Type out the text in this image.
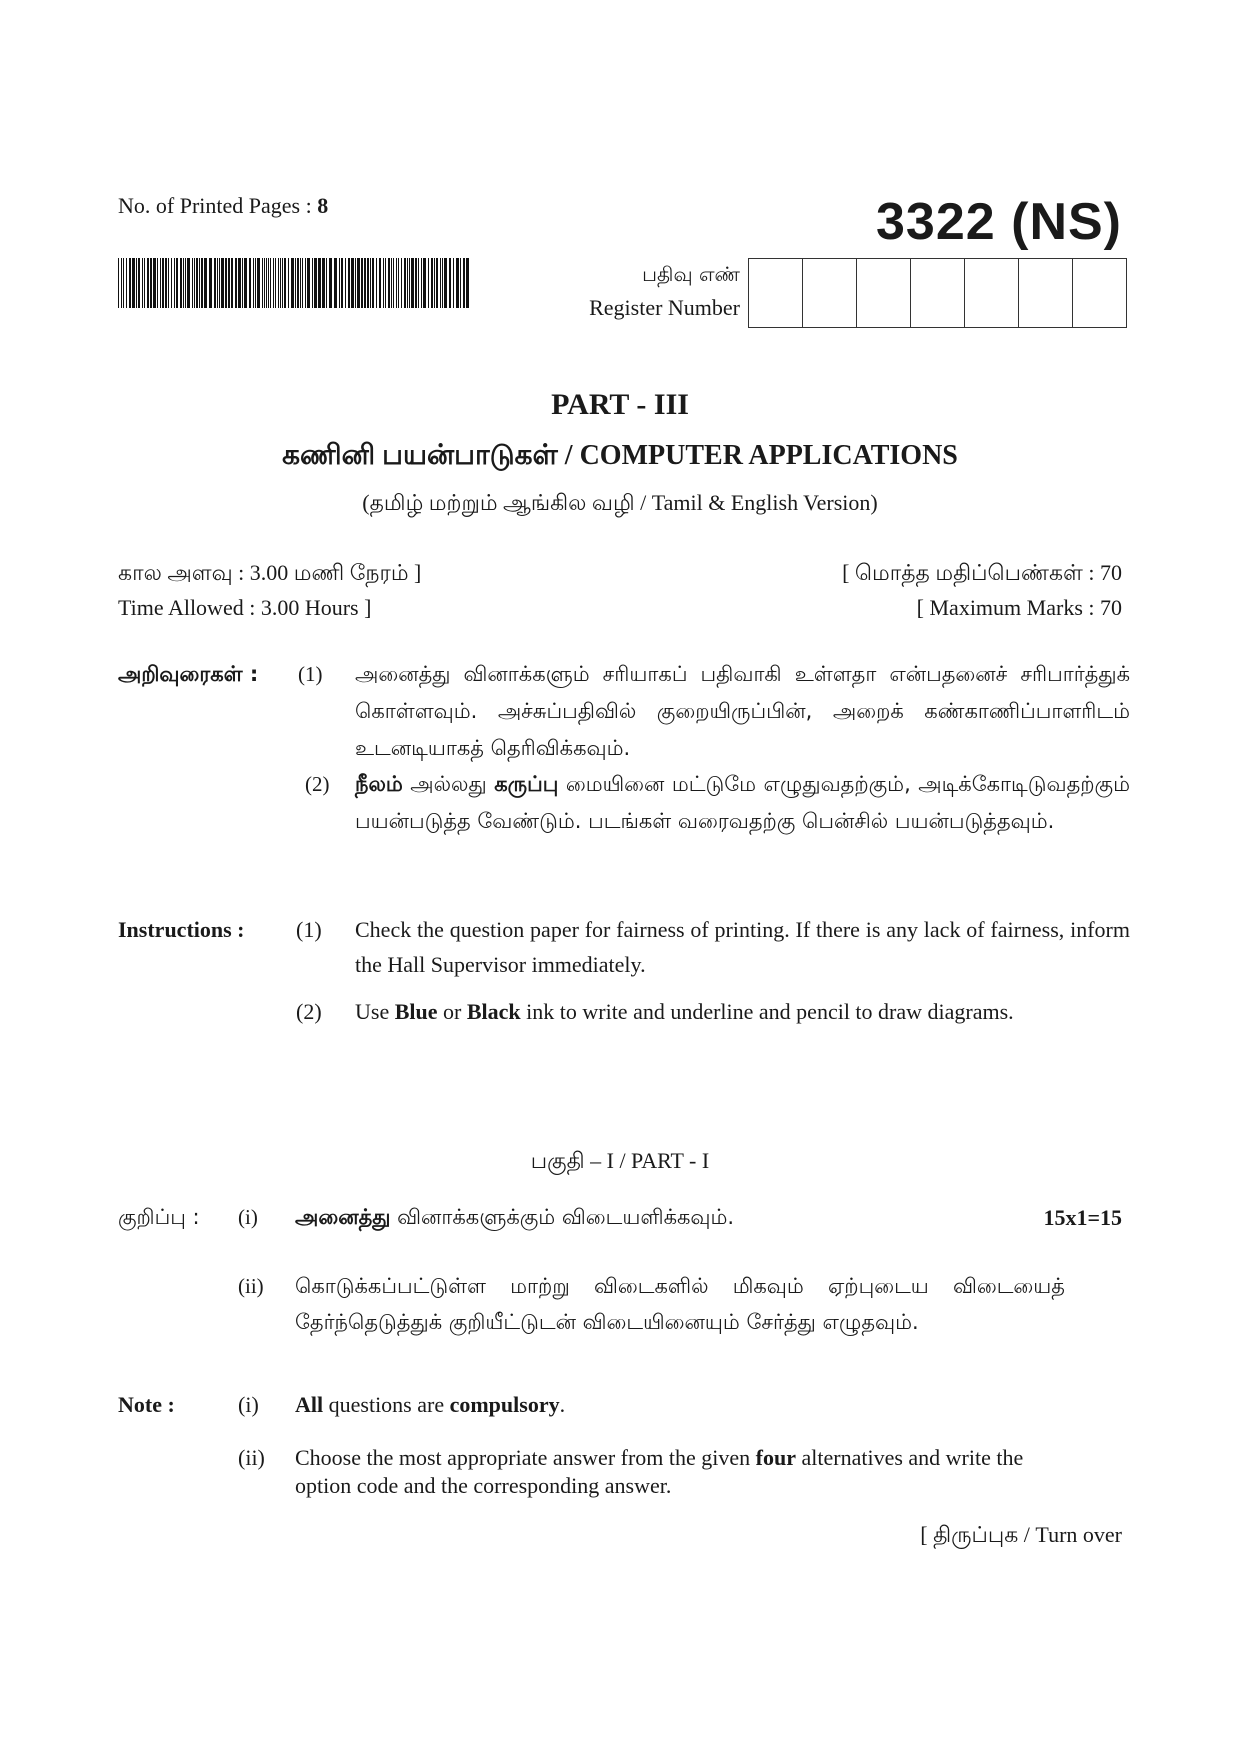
No. of Printed Pages : 8	3322 (NS)
பதிவு எண்
Register Number
PART - III
கணினி பயன்பாடுகள் / COMPUTER APPLICATIONS
(தமிழ் மற்றும் ஆங்கில வழி / Tamil & English Version)
கால அளவு : 3.00 மணி நேரம் ]
Time Allowed : 3.00 Hours ]
[ மொத்த மதிப்பெண்கள் : 70
[ Maximum Marks : 70
அறிவுரைகள் : (1) அனைத்து வினாக்களும் சரியாகப் பதிவாகி உள்ளதா என்பதனைச் சரிபார்த்துக் கொள்ளவும். அச்சுப்பதிவில் குறையிருப்பின், அறைக் கண்காணிப்பாளரிடம் உடனடியாகத் தெரிவிக்கவும்.
(2) நீலம் அல்லது கருப்பு மையினை மட்டுமே எழுதுவதற்கும், அடிக்கோடிடுவதற்கும் பயன்படுத்த வேண்டும். படங்கள் வரைவதற்கு பென்சில் பயன்படுத்தவும்.
Instructions : (1) Check the question paper for fairness of printing. If there is any lack of fairness, inform the Hall Supervisor immediately.
(2) Use Blue or Black ink to write and underline and pencil to draw diagrams.
பகுதி – I / PART - I
குறிப்பு : (i) அனைத்து வினாக்களுக்கும் விடையளிக்கவும்.	15x1=15
(ii) கொடுக்கப்பட்டுள்ள மாற்று விடைகளில் மிகவும் ஏற்புடைய விடையைத் தேர்ந்தெடுத்துக் குறியீட்டுடன் விடையினையும் சேர்த்து எழுதவும்.
Note :	(i) All questions are compulsory.
(ii) Choose the most appropriate answer from the given four alternatives and write the option code and the corresponding answer.
[ திருப்புக / Turn over
